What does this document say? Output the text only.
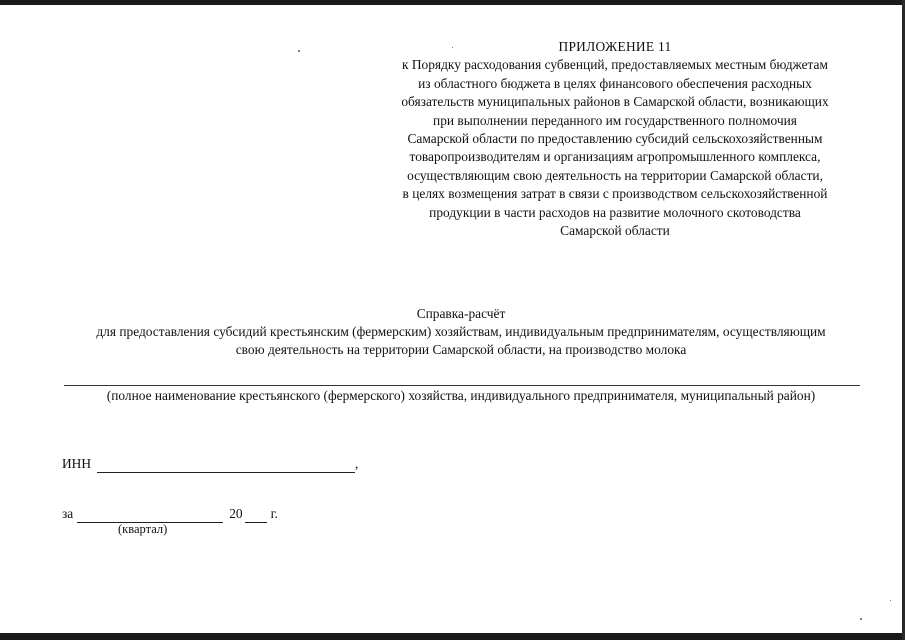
ПРИЛОЖЕНИЕ 11
к Порядку расходования субвенций, предоставляемых местным бюджетам
из областного бюджета в целях финансового обеспечения расходных
обязательств муниципальных районов в Самарской области, возникающих
при выполнении переданного им государственного полномочия
Самарской области по предоставлению субсидий сельскохозяйственным
товаропроизводителям и организациям агропромышленного комплекса,
осуществляющим свою деятельность на территории Самарской области,
в целях возмещения затрат в связи с производством сельскохозяйственной
продукции в части расходов на развитие молочного скотоводства
Самарской области
Справка-расчёт
для предоставления субсидий крестьянским (фермерским) хозяйствам, индивидуальным предпринимателям, осуществляющим
свою деятельность на территории Самарской области, на производство молока
(полное наименование крестьянского (фермерского) хозяйства, индивидуального предпринимателя, муниципальный район)
ИНН	,
за	20 г.
(квартал)
